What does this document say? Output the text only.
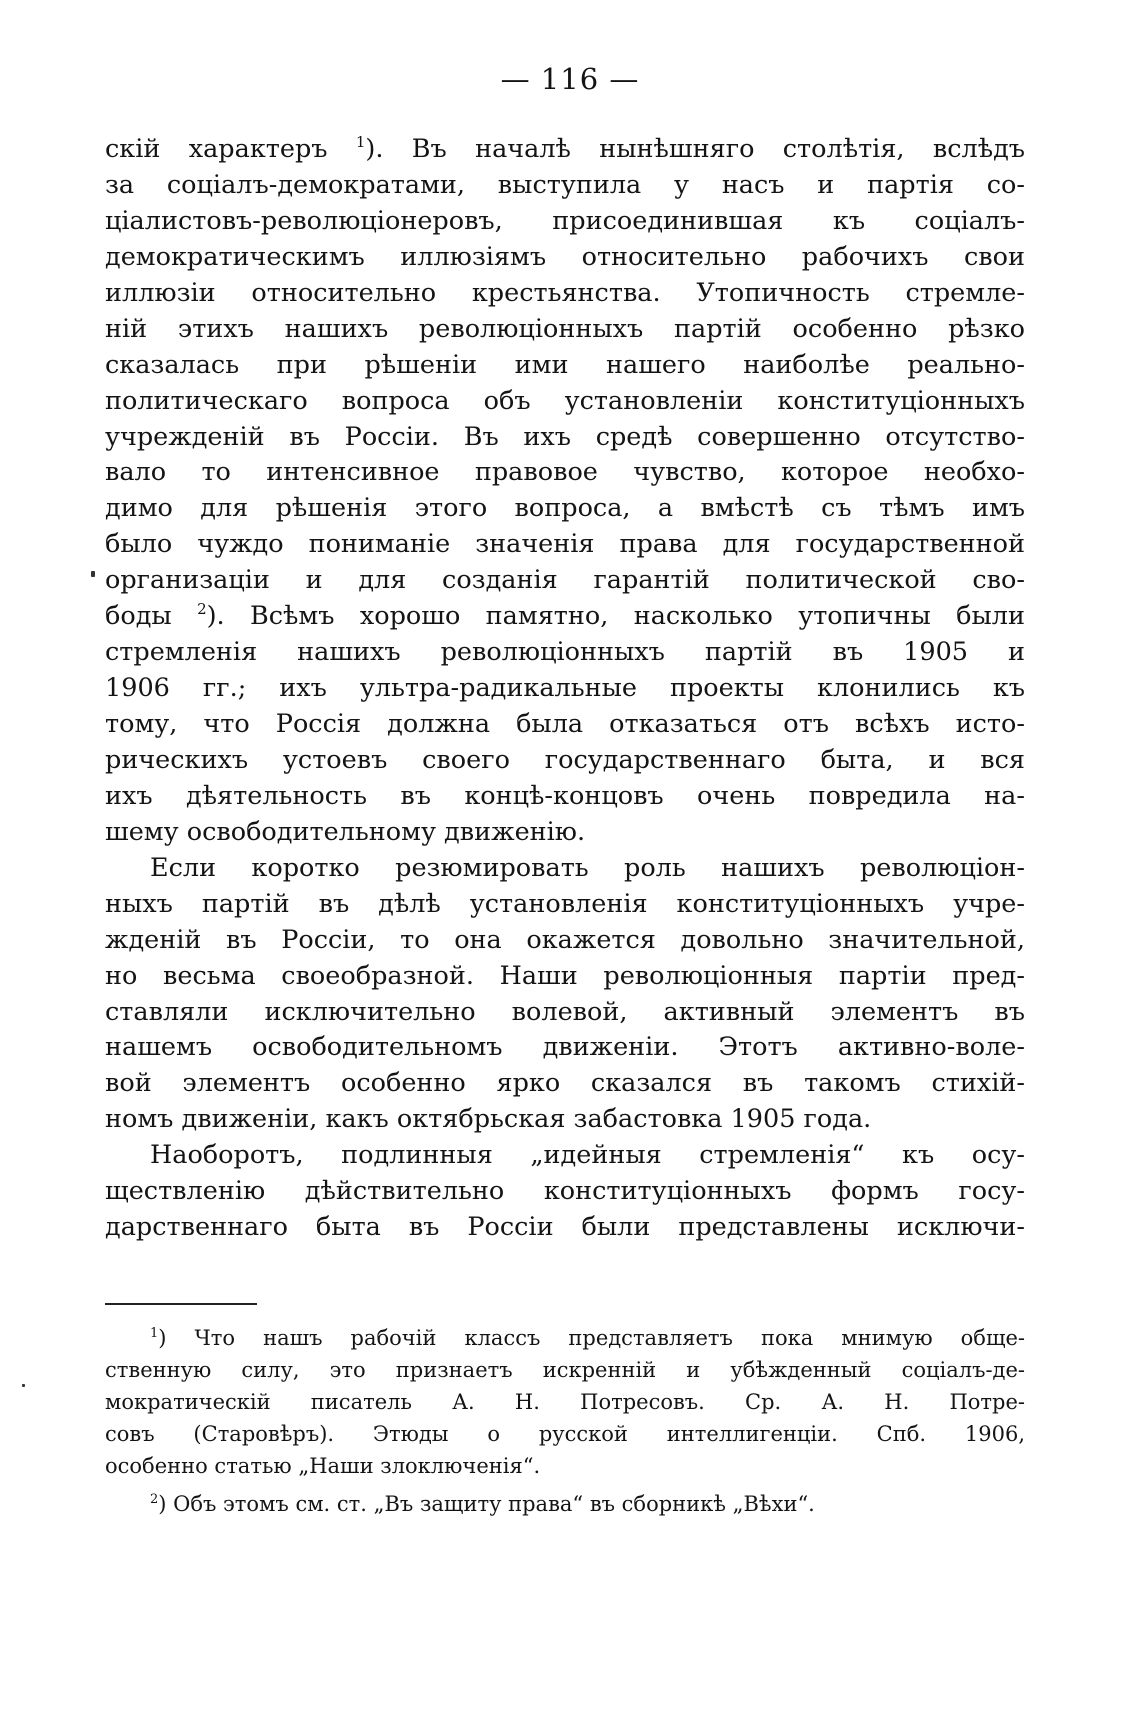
— 116 —
скій характеръ $^1$). Въ началѣ нынѣшняго столѣтія, вслѣдъ
за соціалъ-демократами, выступила у насъ и партія со-
ціалистовъ-революціонеровъ, присоединившая къ соціалъ-
демократическимъ иллюзіямъ относительно рабочихъ свои
иллюзіи относительно крестьянства. Утопичность стремле-
ній этихъ нашихъ революціонныхъ партій особенно рѣзко
сказалась при рѣшеніи ими нашего наиболѣе реально-
политическаго вопроса объ установленіи конституціонныхъ
учрежденій въ Россіи. Въ ихъ средѣ совершенно отсутство-
вало то интенсивное правовое чувство, которое необхо-
димо для рѣшенія этого вопроса, а вмѣстѣ съ тѣмъ имъ
было чуждо пониманіе значенія права для государственной
организаціи и для созданія гарантій политической сво-
боды $^2$). Всѣмъ хорошо памятно, насколько утопичны были
стремленія нашихъ революціонныхъ партій въ 1905 и
1906 гг.; ихъ ультра-радикальные проекты клонились къ
тому, что Россія должна была отказаться отъ всѣхъ исто-
рическихъ устоевъ своего государственнаго быта, и вся
ихъ дѣятельность въ концѣ-концовъ очень повредила на-
шему освободительному движенію.
Если коротко резюмировать роль нашихъ революціон-
ныхъ партій въ дѣлѣ установленія конституціонныхъ учре-
жденій въ Россіи, то она окажется довольно значительной,
но весьма своеобразной. Наши революціонныя партіи пред-
ставляли исключительно волевой, активный элементъ въ
нашемъ освободительномъ движеніи. Этотъ активно-воле-
вой элементъ особенно ярко сказался въ такомъ стихій-
номъ движеніи, какъ октябрьская забастовка 1905 года.
Наоборотъ, подлинныя „идейныя стремленія“ къ осу-
ществленію дѣйствительно конституціонныхъ формъ госу-
дарственнаго быта въ Россіи были представлены исключи-
$^1$) Что нашъ рабочій классъ представляетъ пока мнимую обще-
ственную силу, это признаетъ искренній и убѣжденный соціалъ-де-
мократическій писатель А. Н. Потресовъ. Ср. А. Н. Потре-
совъ (Старовѣръ). Этюды о русской интеллигенціи. Спб. 1906,
особенно статью „Наши злоключенія“.
$^2$) Объ этомъ см. ст. „Въ защиту права“ въ сборникѣ „Вѣхи“.
